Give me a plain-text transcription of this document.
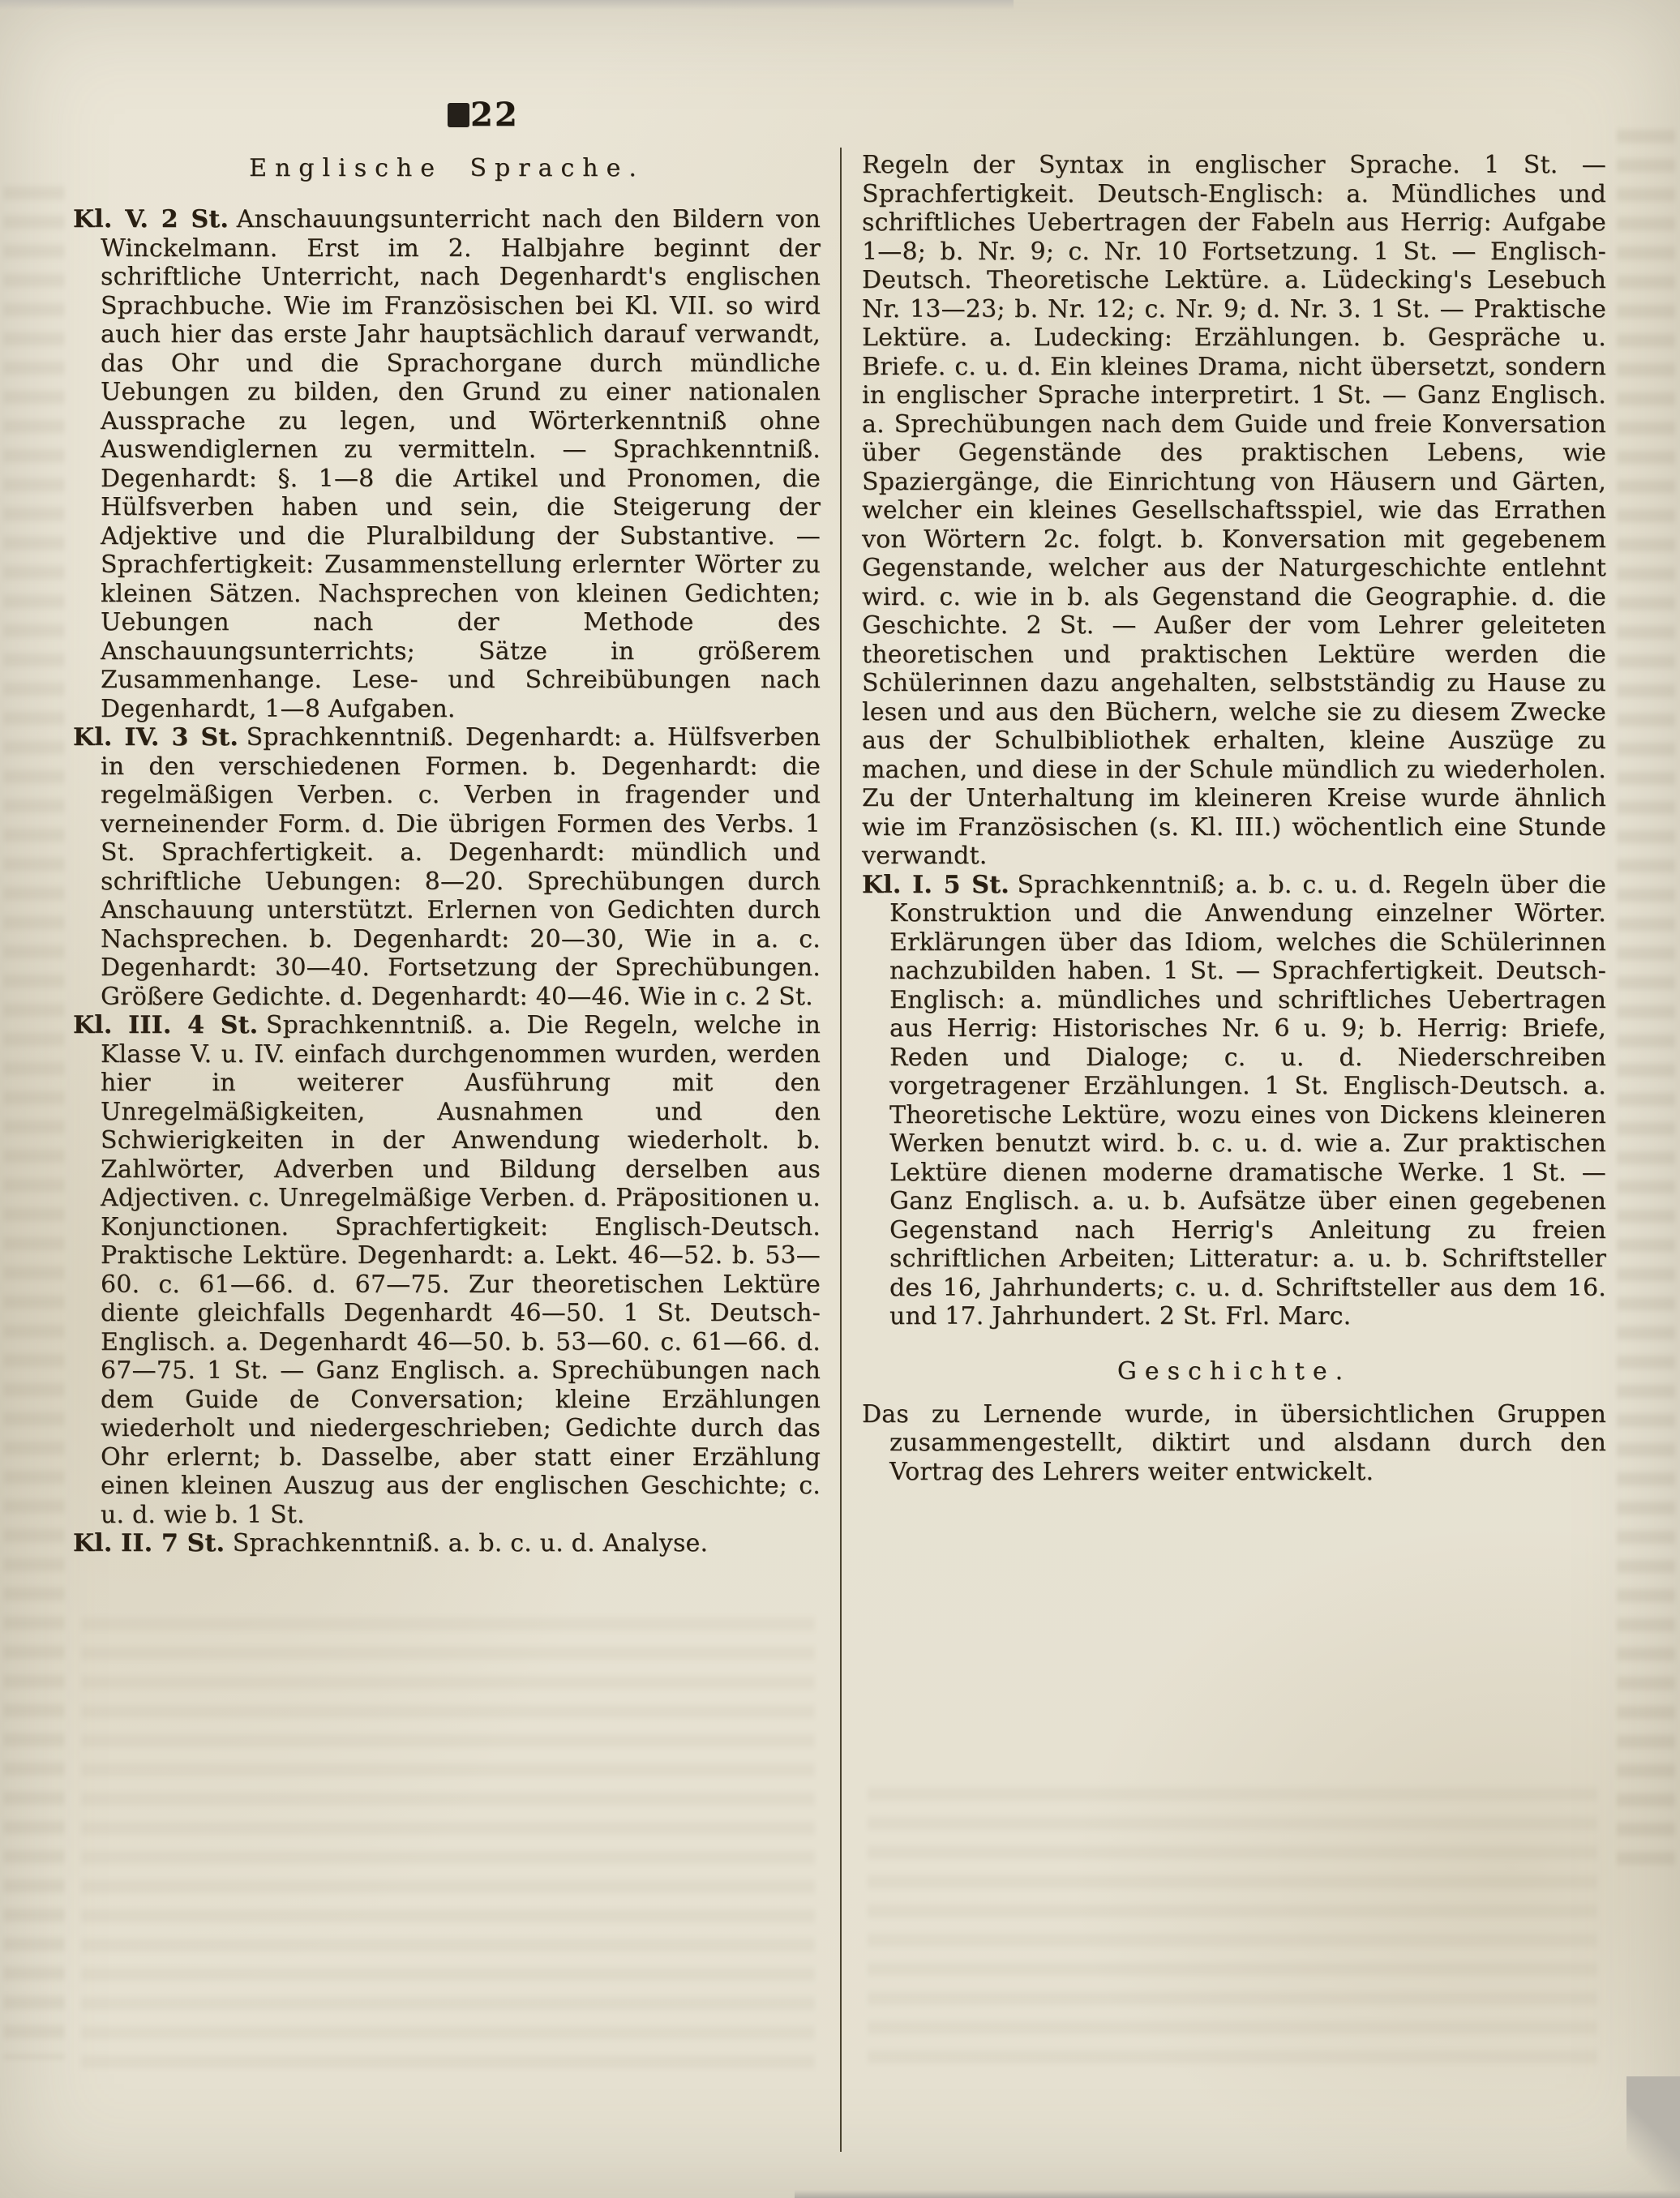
22
Englische Sprache.

Kl. V. 2 St. Anschauungsunterricht nach den Bildern von Winckelmann. Erst im 2. Halbjahre beginnt der schriftliche Unterricht, nach Degenhardt's englischen Sprachbuche. Wie im Französischen bei Kl. VII. so wird auch hier das erste Jahr hauptsächlich darauf verwandt, das Ohr und die Sprachorgane durch mündliche Uebungen zu bilden, den Grund zu einer nationalen Aussprache zu legen, und Wörterkenntniß ohne Auswendiglernen zu vermitteln. — Sprachkenntniß. Degenhardt: §. 1—8 die Artikel und Pronomen, die Hülfsverben haben und sein, die Steigerung der Adjektive und die Pluralbildung der Substantive. — Sprachfertigkeit: Zusammenstellung erlernter Wörter zu kleinen Sätzen. Nachsprechen von kleinen Gedichten; Uebungen nach der Methode des Anschauungsunterrichts; Sätze in größerem Zusammenhange. Lese- und Schreibübungen nach Degenhardt, 1—8 Aufgaben.

Kl. IV. 3 St. Sprachkenntniß. Degenhardt: a. Hülfsverben in den verschiedenen Formen. b. Degenhardt: die regelmäßigen Verben. c. Verben in fragender und verneinender Form. d. Die übrigen Formen des Verbs. 1 St. Sprachfertigkeit. a. Degenhardt: mündlich und schriftliche Uebungen: 8—20. Sprechübungen durch Anschauung unterstützt. Erlernen von Gedichten durch Nachsprechen. b. Degenhardt: 20—30, Wie in a. c. Degenhardt: 30—40. Fortsetzung der Sprechübungen. Größere Gedichte. d. Degenhardt: 40—46. Wie in c. 2 St.

Kl. III. 4 St. Sprachkenntniß. a. Die Regeln, welche in Klasse V. u. IV. einfach durchgenommen wurden, werden hier in weiterer Ausführung mit den Unregelmäßigkeiten, Ausnahmen und den Schwierigkeiten in der Anwendung wiederholt. b. Zahlwörter, Adverben und Bildung derselben aus Adjectiven. c. Unregelmäßige Verben. d. Präpositionen u. Konjunctionen. Sprachfertigkeit: Englisch-Deutsch. Praktische Lektüre. Degenhardt: a. Lekt. 46—52. b. 53—60. c. 61—66. d. 67—75. Zur theoretischen Lektüre diente gleichfalls Degenhardt 46—50. 1 St. Deutsch-Englisch. a. Degenhardt 46—50. b. 53—60. c. 61—66. d. 67—75. 1 St. — Ganz Englisch. a. Sprechübungen nach dem Guide de Conversation; kleine Erzählungen wiederholt und niedergeschrieben; Gedichte durch das Ohr erlernt; b. Dasselbe, aber statt einer Erzählung einen kleinen Auszug aus der englischen Geschichte; c. u. d. wie b. 1 St.

Kl. II. 7 St. Sprachkenntniß. a. b. c. u. d. Analyse.

Regeln der Syntax in englischer Sprache. 1 St. — Sprachfertigkeit. Deutsch-Englisch: a. Mündliches und schriftliches Uebertragen der Fabeln aus Herrig: Aufgabe 1—8; b. Nr. 9; c. Nr. 10 Fortsetzung. 1 St. — Englisch-Deutsch. Theoretische Lektüre. a. Lüdecking's Lesebuch Nr. 13—23; b. Nr. 12; c. Nr. 9; d. Nr. 3. 1 St. — Praktische Lektüre. a. Ludecking: Erzählungen. b. Gespräche u. Briefe. c. u. d. Ein kleines Drama, nicht übersetzt, sondern in englischer Sprache interpretirt. 1 St. — Ganz Englisch. a. Sprechübungen nach dem Guide und freie Konversation über Gegenstände des praktischen Lebens, wie Spaziergänge, die Einrichtung von Häusern und Gärten, welcher ein kleines Gesellschaftsspiel, wie das Errathen von Wörtern 2c. folgt. b. Konversation mit gegebenem Gegenstande, welcher aus der Naturgeschichte entlehnt wird. c. wie in b. als Gegenstand die Geographie. d. die Geschichte. 2 St. — Außer der vom Lehrer geleiteten theoretischen und praktischen Lektüre werden die Schülerinnen dazu angehalten, selbstständig zu Hause zu lesen und aus den Büchern, welche sie zu diesem Zwecke aus der Schulbibliothek erhalten, kleine Auszüge zu machen, und diese in der Schule mündlich zu wiederholen. Zu der Unterhaltung im kleineren Kreise wurde ähnlich wie im Französischen (s. Kl. III.) wöchentlich eine Stunde verwandt.

Kl. I. 5 St. Sprachkenntniß; a. b. c. u. d. Regeln über die Konstruktion und die Anwendung einzelner Wörter. Erklärungen über das Idiom, welches die Schülerinnen nachzubilden haben. 1 St. — Sprachfertigkeit. Deutsch-Englisch: a. mündliches und schriftliches Uebertragen aus Herrig: Historisches Nr. 6 u. 9; b. Herrig: Briefe, Reden und Dialoge; c. u. d. Niederschreiben vorgetragener Erzählungen. 1 St. Englisch-Deutsch. a. Theoretische Lektüre, wozu eines von Dickens kleineren Werken benutzt wird. b. c. u. d. wie a. Zur praktischen Lektüre dienen moderne dramatische Werke. 1 St. — Ganz Englisch. a. u. b. Aufsätze über einen gegebenen Gegenstand nach Herrig's Anleitung zu freien schriftlichen Arbeiten; Litteratur: a. u. b. Schriftsteller des 16, Jahrhunderts; c. u. d. Schriftsteller aus dem 16. und 17. Jahrhundert. 2 St. Frl. Marc.

Geschichte.

Das zu Lernende wurde, in übersichtlichen Gruppen zusammengestellt, diktirt und alsdann durch den Vortrag des Lehrers weiter entwickelt.
